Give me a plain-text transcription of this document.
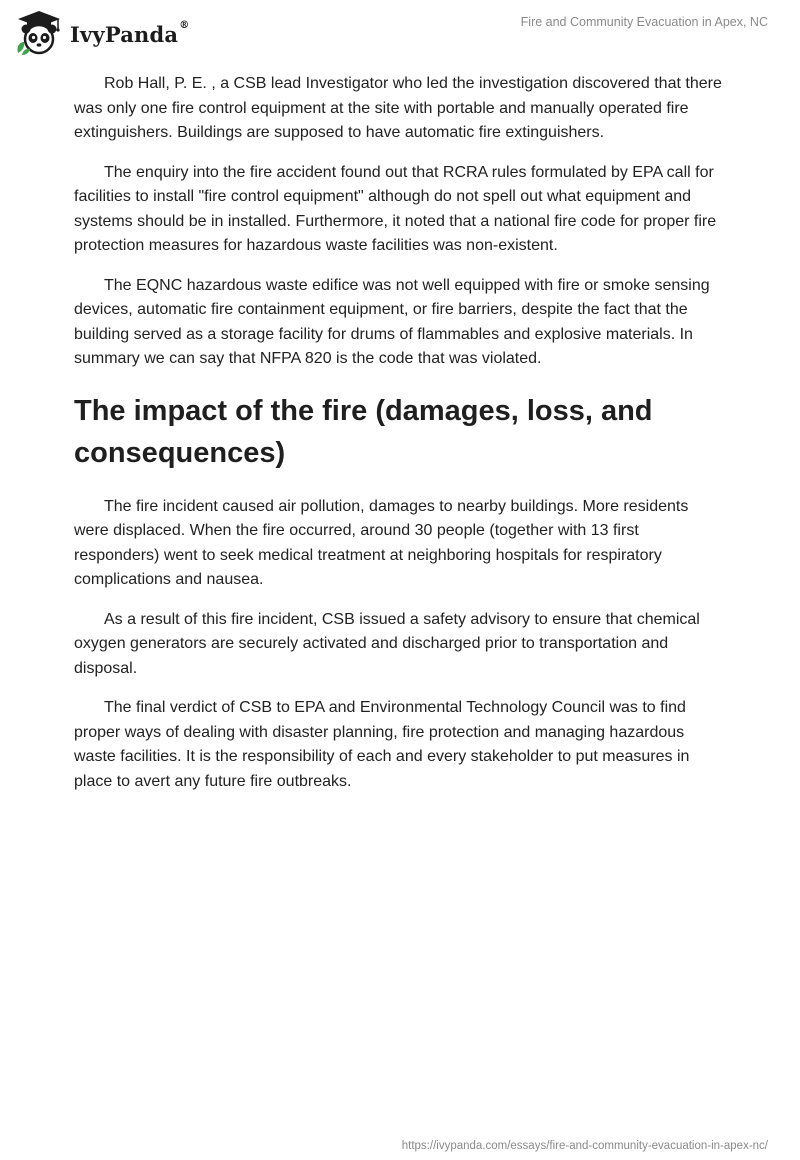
IvyPanda®	Fire and Community Evacuation in Apex, NC

Rob Hall, P. E. , a CSB lead Investigator who led the investigation discovered that there was only one fire control equipment at the site with portable and manually operated fire extinguishers. Buildings are supposed to have automatic fire extinguishers.

The enquiry into the fire accident found out that RCRA rules formulated by EPA call for facilities to install "fire control equipment" although do not spell out what equipment and systems should be in installed. Furthermore, it noted that a national fire code for proper fire protection measures for hazardous waste facilities was non-existent.

The EQNC hazardous waste edifice was not well equipped with fire or smoke sensing devices, automatic fire containment equipment, or fire barriers, despite the fact that the building served as a storage facility for drums of flammables and explosive materials. In summary we can say that NFPA 820 is the code that was violated.

The impact of the fire (damages, loss, and consequences)

The fire incident caused air pollution, damages to nearby buildings. More residents were displaced. When the fire occurred, around 30 people (together with 13 first responders) went to seek medical treatment at neighboring hospitals for respiratory complications and nausea.

As a result of this fire incident, CSB issued a safety advisory to ensure that chemical oxygen generators are securely activated and discharged prior to transportation and disposal.

The final verdict of CSB to EPA and Environmental Technology Council was to find proper ways of dealing with disaster planning, fire protection and managing hazardous waste facilities. It is the responsibility of each and every stakeholder to put measures in place to avert any future fire outbreaks.

https://ivypanda.com/essays/fire-and-community-evacuation-in-apex-nc/
